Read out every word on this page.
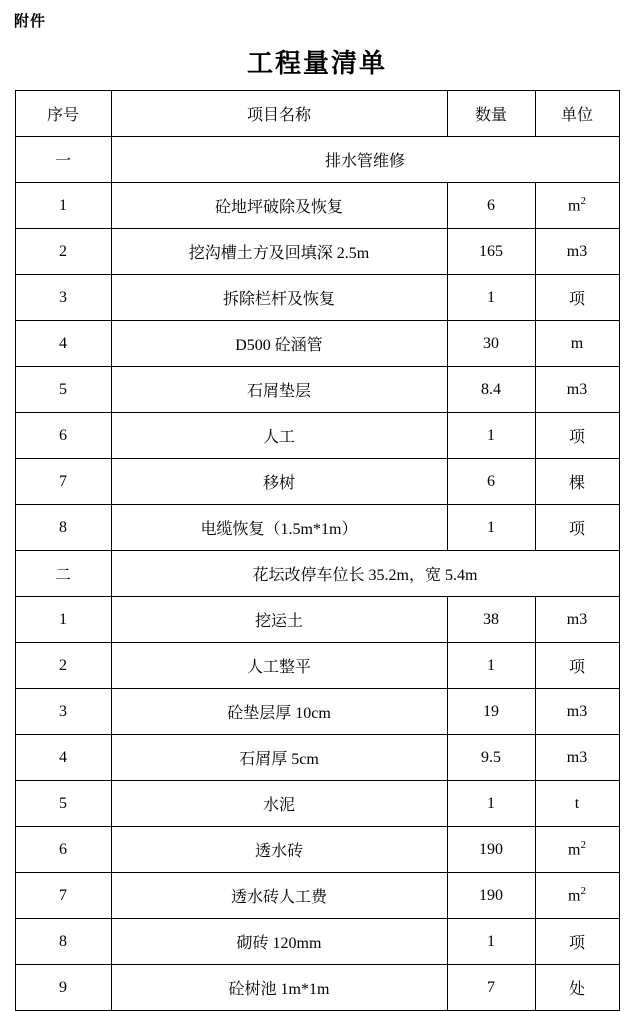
附件
工程量清单
序号	项目名称	数量	单位
一	排水管维修		
1	砼地坪破除及恢复	6	$m^2$
2	挖沟槽土方及回填深 2.5m	165	m3
3	拆除栏杆及恢复	1	项
4	D500 砼涵管	30	m
5	石屑垫层	8.4	m3
6	人工	1	项
7	移树	6	棵
8	电缆恢复（1.5m*1m）	1	项
二	花坛改停车位长 35.2m，宽 5.4m		
1	挖运土	38	m3
2	人工整平	1	项
3	砼垫层厚 10cm	19	m3
4	石屑厚 5cm	9.5	m3
5	水泥	1	t
6	透水砖	190	$m^2$
7	透水砖人工费	190	$m^2$
8	砌砖 120mm	1	项
9	砼树池 1m*1m	7	处
